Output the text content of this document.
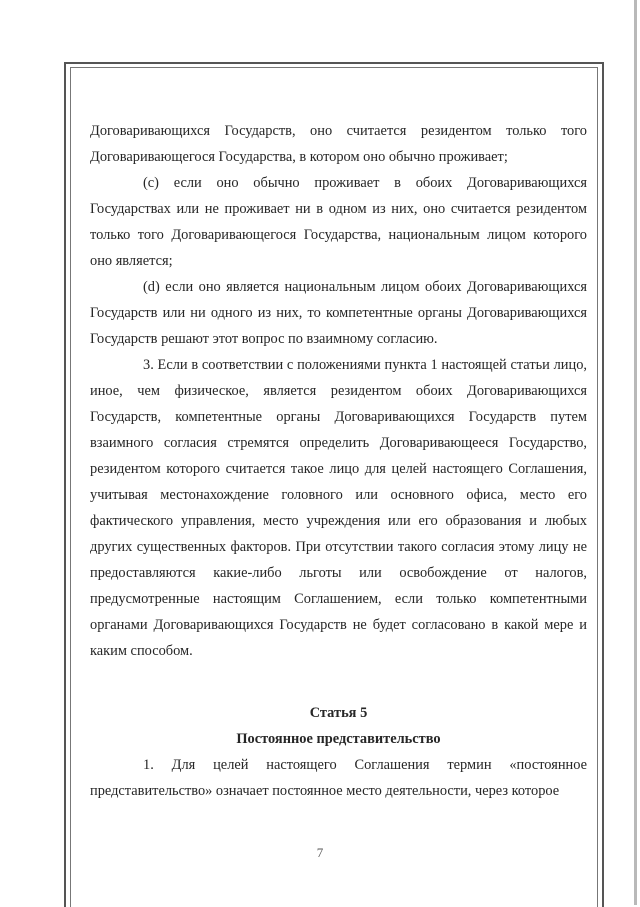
Договаривающихся Государств, оно считается резидентом только того Договаривающегося Государства, в котором оно обычно проживает;

(с) если оно обычно проживает в обоих Договаривающихся Государствах или не проживает ни в одном из них, оно считается резидентом только того Договаривающегося Государства, национальным лицом которого оно является;

(d) если оно является национальным лицом обоих Договаривающихся Государств или ни одного из них, то компетентные органы Договаривающихся Государств решают этот вопрос по взаимному согласию.

3. Если в соответствии с положениями пункта 1 настоящей статьи лицо, иное, чем физическое, является резидентом обоих Договаривающихся Государств, компетентные органы Договаривающихся Государств путем взаимного согласия стремятся определить Договаривающееся Государство, резидентом которого считается такое лицо для целей настоящего Соглашения, учитывая местонахождение головного или основного офиса, место его фактического управления, место учреждения или его образования и любых других существенных факторов. При отсутствии такого согласия этому лицу не предоставляются какие-либо льготы или освобождение от налогов, предусмотренные настоящим Соглашением, если только компетентными органами Договаривающихся Государств не будет согласовано в какой мере и каким способом.

Статья 5

Постоянное представительство

1. Для целей настоящего Соглашения термин «постоянное представительство» означает постоянное место деятельности, через которое

7
